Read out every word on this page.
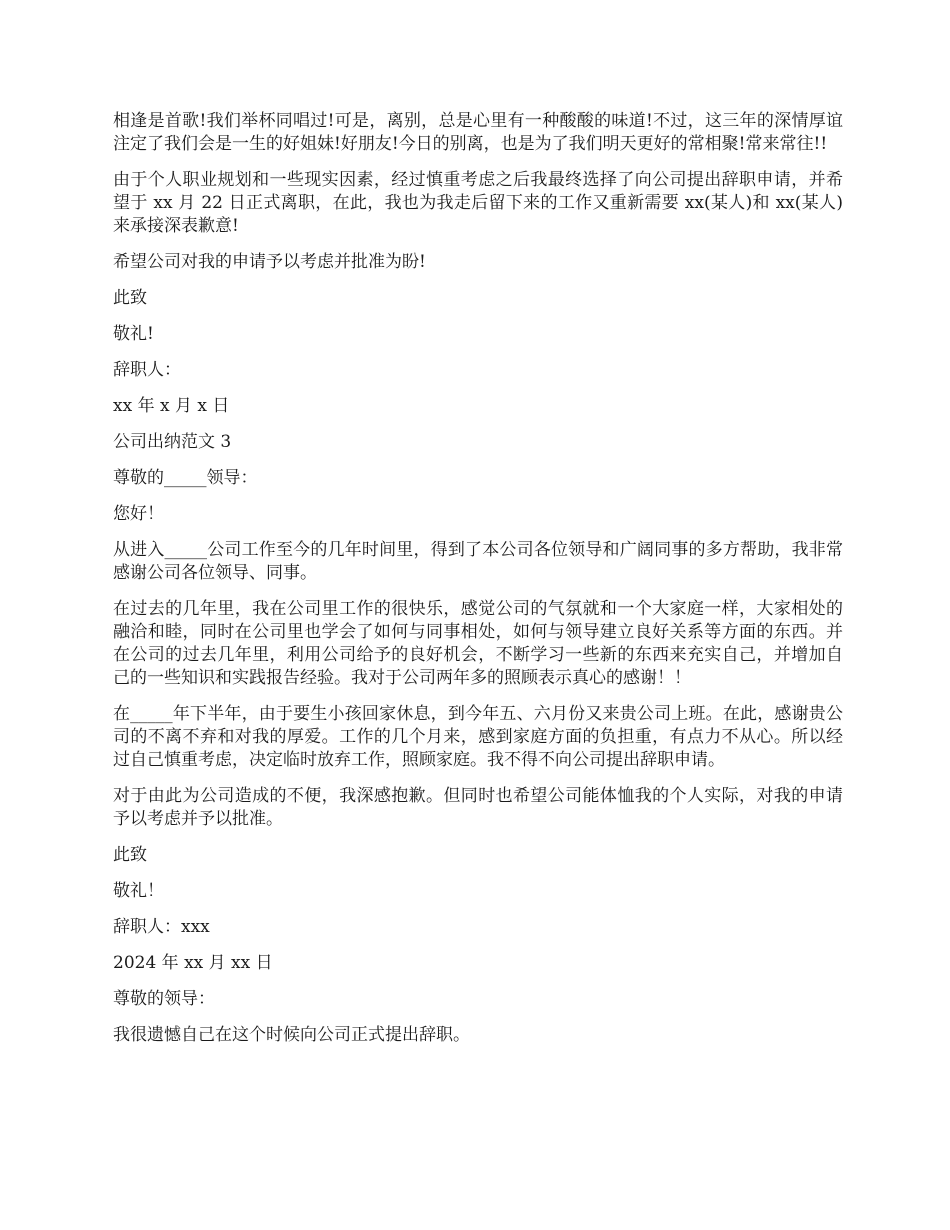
相逢是首歌!我们举杯同唱过!可是，离别，总是心里有一种酸酸的味道!不过，这三年的深情厚谊注定了我们会是一生的好姐妹!好朋友!今日的别离，也是为了我们明天更好的常相聚!常来常往!!

由于个人职业规划和一些现实因素，经过慎重考虑之后我最终选择了向公司提出辞职申请，并希望于 xx 月 22 日正式离职，在此，我也为我走后留下来的工作又重新需要 xx(某人)和 xx(某人)来承接深表歉意!

希望公司对我的申请予以考虑并批准为盼!

此致

敬礼!

辞职人：

xx 年 x 月 x 日

公司出纳范文 3

尊敬的_____领导：

您好！

从进入_____公司工作至今的几年时间里，得到了本公司各位领导和广阔同事的多方帮助，我非常感谢公司各位领导、同事。

在过去的几年里，我在公司里工作的很快乐，感觉公司的气氛就和一个大家庭一样，大家相处的融洽和睦，同时在公司里也学会了如何与同事相处，如何与领导建立良好关系等方面的东西。并在公司的过去几年里，利用公司给予的良好机会，不断学习一些新的东西来充实自己，并增加自己的一些知识和实践报告经验。我对于公司两年多的照顾表示真心的感谢！！

在_____年下半年，由于要生小孩回家休息，到今年五、六月份又来贵公司上班。在此，感谢贵公司的不离不弃和对我的厚爱。工作的几个月来，感到家庭方面的负担重，有点力不从心。所以经过自己慎重考虑，决定临时放弃工作，照顾家庭。我不得不向公司提出辞职申请。

对于由此为公司造成的不便，我深感抱歉。但同时也希望公司能体恤我的个人实际，对我的申请予以考虑并予以批准。

此致

敬礼！

辞职人：xxx

2024 年 xx 月 xx 日

尊敬的领导：

我很遗憾自己在这个时候向公司正式提出辞职。
